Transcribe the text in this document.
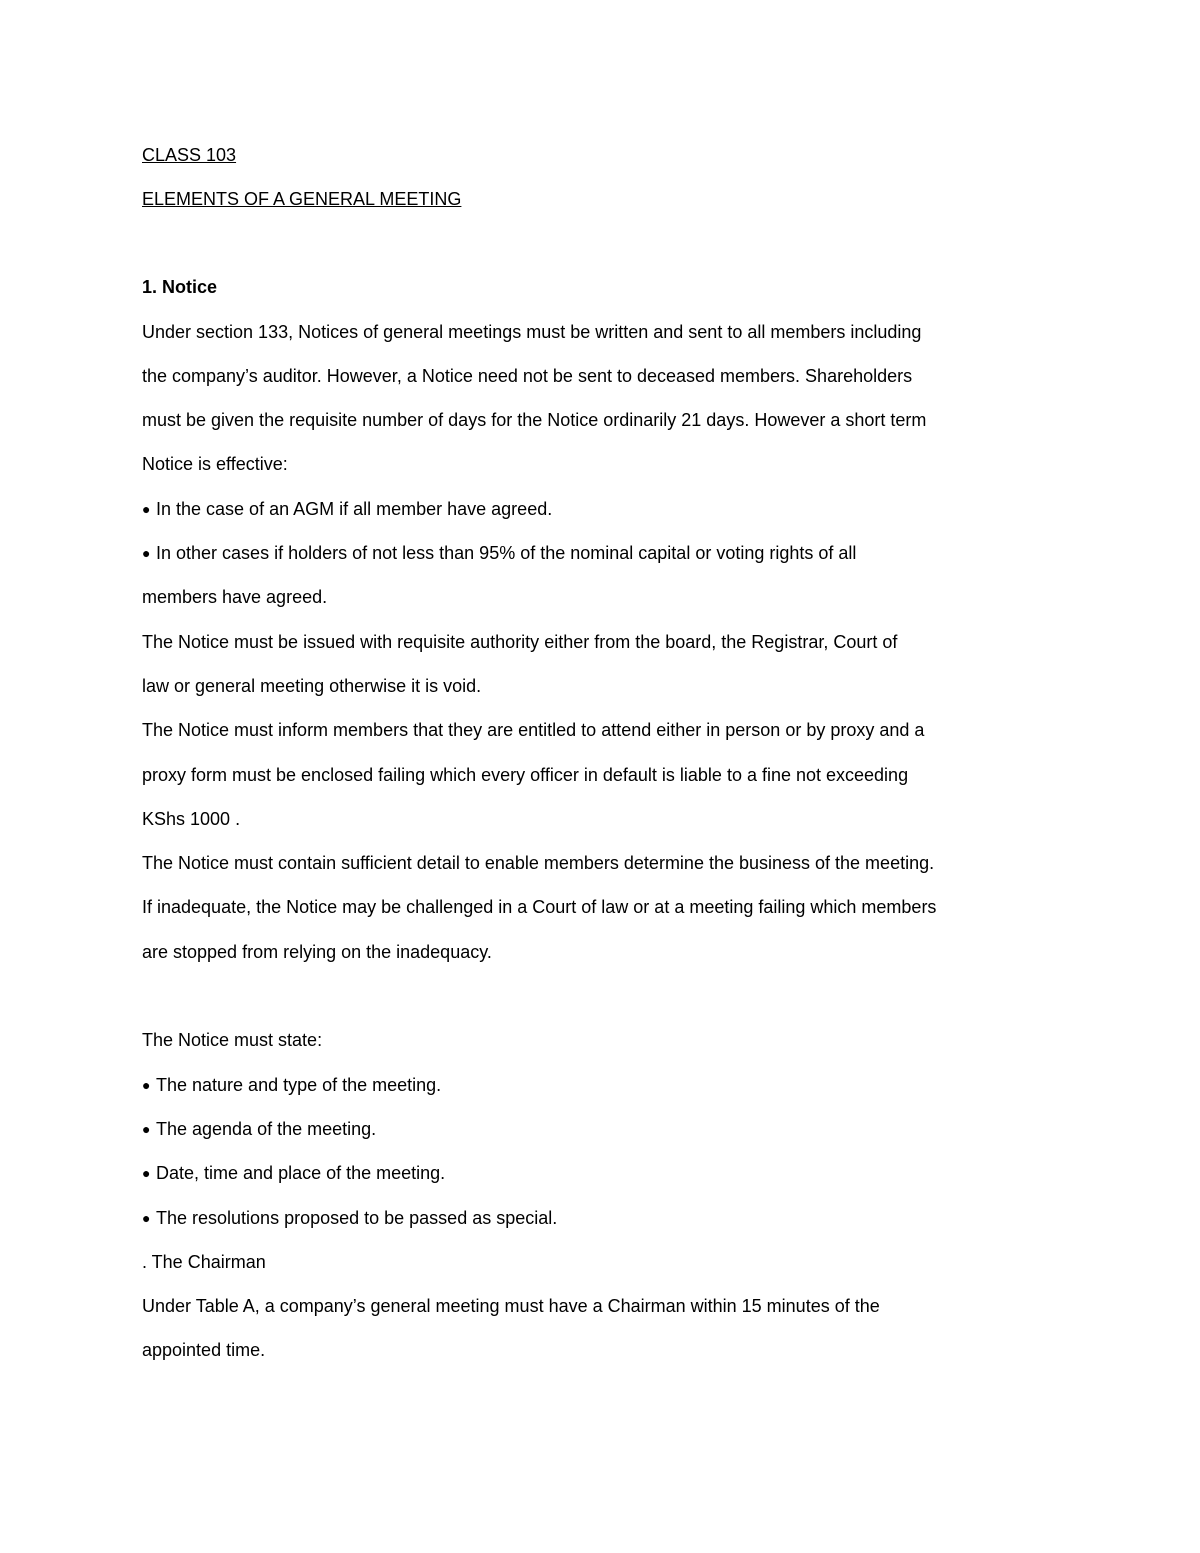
CLASS 103
ELEMENTS OF A GENERAL MEETING
1. Notice
Under section 133, Notices of general meetings must be written and sent to all members including
the company’s auditor. However, a Notice need not be sent to deceased members. Shareholders
must be given the requisite number of days for the Notice ordinarily 21 days. However a short term
Notice is effective:
● In the case of an AGM if all member have agreed.
● In other cases if holders of not less than 95% of the nominal capital or voting rights of all
members have agreed.
The Notice must be issued with requisite authority either from the board, the Registrar, Court of
law or general meeting otherwise it is void.
The Notice must inform members that they are entitled to attend either in person or by proxy and a
proxy form must be enclosed failing which every officer in default is liable to a fine not exceeding
KShs 1000 .
The Notice must contain sufficient detail to enable members determine the business of the meeting.
If inadequate, the Notice may be challenged in a Court of law or at a meeting failing which members
are stopped from relying on the inadequacy.
The Notice must state:
● The nature and type of the meeting.
● The agenda of the meeting.
● Date, time and place of the meeting.
● The resolutions proposed to be passed as special.
. The Chairman
Under Table A, a company’s general meeting must have a Chairman within 15 minutes of the
appointed time.
